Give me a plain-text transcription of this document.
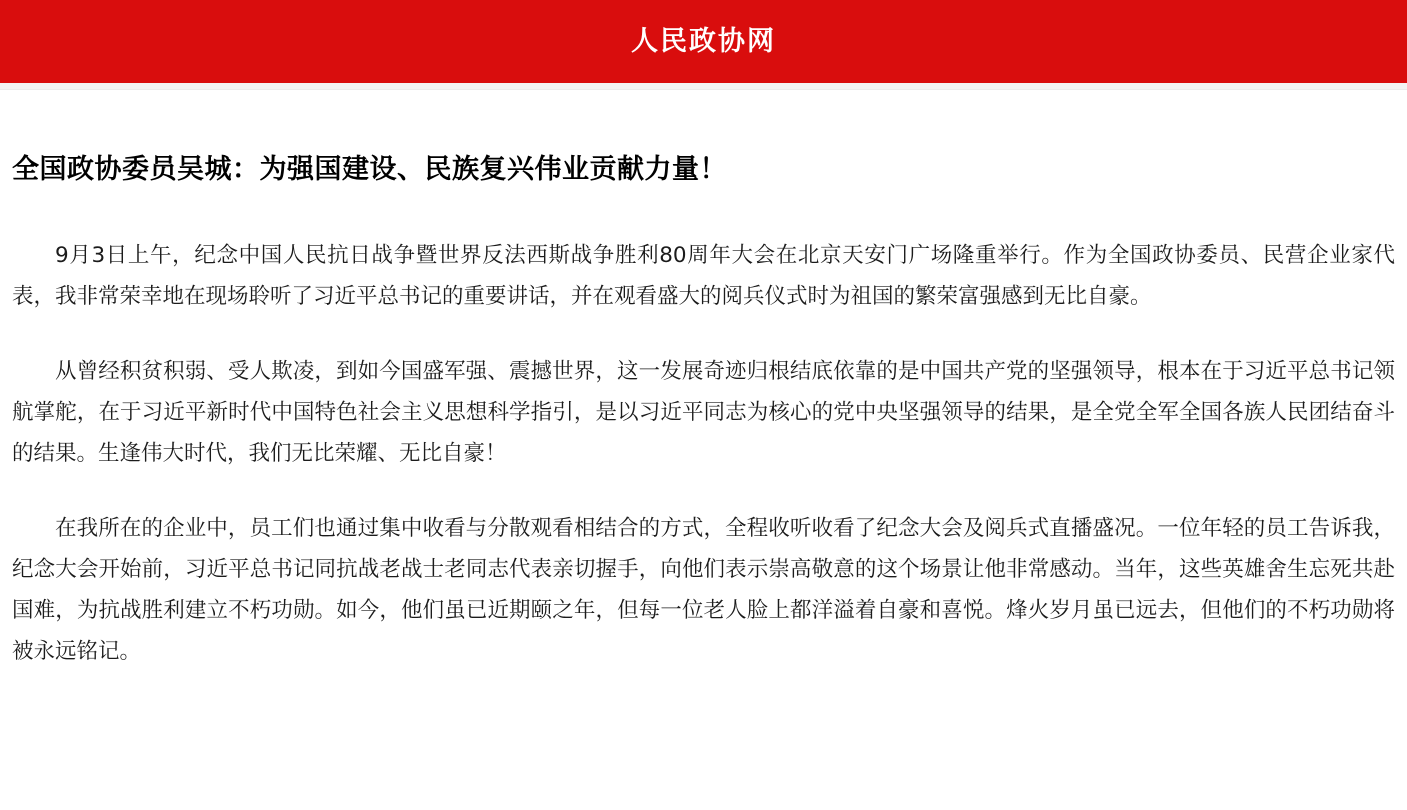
人民政协网
全国政协委员吴城：为强国建设、民族复兴伟业贡献力量！

9月3日上午，纪念中国人民抗日战争暨世界反法西斯战争胜利80周年大会在北京天安门广场隆重举行。作为全国政协委员、民营企业家代表，我非常荣幸地在现场聆听了习近平总书记的重要讲话，并在观看盛大的阅兵仪式时为祖国的繁荣富强感到无比自豪。

从曾经积贫积弱、受人欺凌，到如今国盛军强、震撼世界，这一发展奇迹归根结底依靠的是中国共产党的坚强领导，根本在于习近平总书记领航掌舵，在于习近平新时代中国特色社会主义思想科学指引，是以习近平同志为核心的党中央坚强领导的结果，是全党全军全国各族人民团结奋斗的结果。生逢伟大时代，我们无比荣耀、无比自豪！

在我所在的企业中，员工们也通过集中收看与分散观看相结合的方式，全程收听收看了纪念大会及阅兵式直播盛况。一位年轻的员工告诉我，纪念大会开始前，习近平总书记同抗战老战士老同志代表亲切握手，向他们表示崇高敬意的这个场景让他非常感动。当年，这些英雄舍生忘死共赴国难，为抗战胜利建立不朽功勋。如今，他们虽已近期颐之年，但每一位老人脸上都洋溢着自豪和喜悦。烽火岁月虽已远去，但他们的不朽功勋将被永远铭记。
